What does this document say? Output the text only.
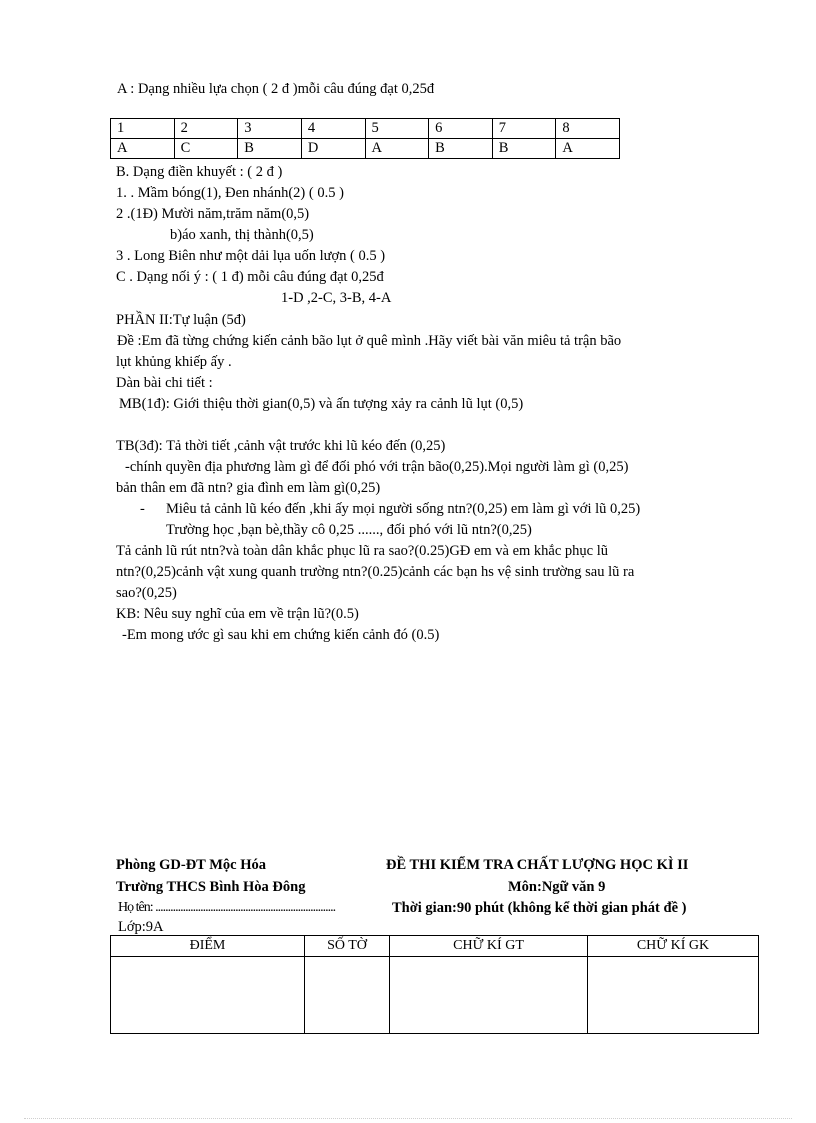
A : Dạng nhiều lựa chọn ( 2 đ )mỗi câu đúng đạt 0,25đ
1	2	3	4	5	6	7	8
A	C	B	D	A	B	B	A
B. Dạng điền khuyết : ( 2 đ )
1. . Mầm bóng(1), Đen nhánh(2) ( 0.5 )
2 .(1Đ) Mười năm,trăm năm(0,5)
b)áo xanh, thị thành(0,5)
3 . Long Biên như một dải lụa uốn lượn ( 0.5 )
C . Dạng nối ý : ( 1 đ) mỗi câu đúng đạt 0,25đ
1-D ,2-C, 3-B, 4-A
PHẦN II:Tự luận (5đ)
Đề :Em đã từng chứng kiến cảnh bão lụt ở quê mình .Hãy viết bài văn miêu tả trận bão
lụt khủng khiếp ấy .
Dàn bài chi tiết :
MB(1đ): Giới thiệu thời gian(0,5) và ấn tượng xảy ra cảnh lũ lụt (0,5)
TB(3đ): Tả thời tiết ,cảnh vật trước khi lũ kéo đến (0,25)
-chính quyền địa phương làm gì để đối phó với trận bão(0,25).Mọi người làm gì (0,25)
bản thân em đã ntn? gia đình em làm gì(0,25)
- Miêu tả cảnh lũ kéo đến ,khi ấy mọi người sống ntn?(0,25) em làm gì với lũ 0,25)
Trường học ,bạn bè,thầy cô 0,25 ......, đối phó với lũ ntn?(0,25)
Tả cảnh lũ rút ntn?và toàn dân khắc phục lũ ra sao?(0.25)GĐ em và em khắc phục lũ
ntn?(0,25)cảnh vật xung quanh trường ntn?(0.25)cảnh các bạn hs vệ sinh trường sau lũ ra
sao?(0,25)
KB: Nêu suy nghĩ của em về trận lũ?(0.5)
-Em mong ước gì sau khi em chứng kiến cảnh đó (0.5)
Phòng GD-ĐT Mộc Hóa
Trường THCS Bình Hòa Đông
ĐỀ THI KIỂM TRA CHẤT LƯỢNG HỌC KÌ II
Môn:Ngữ văn 9
Họ tên: ........................................................................	Thời gian:90 phút (không kể thời gian phát đề )
Lớp:9A
ĐIỂM	SỐ TỜ	CHỮ KÍ GT	CHỮ KÍ GK
